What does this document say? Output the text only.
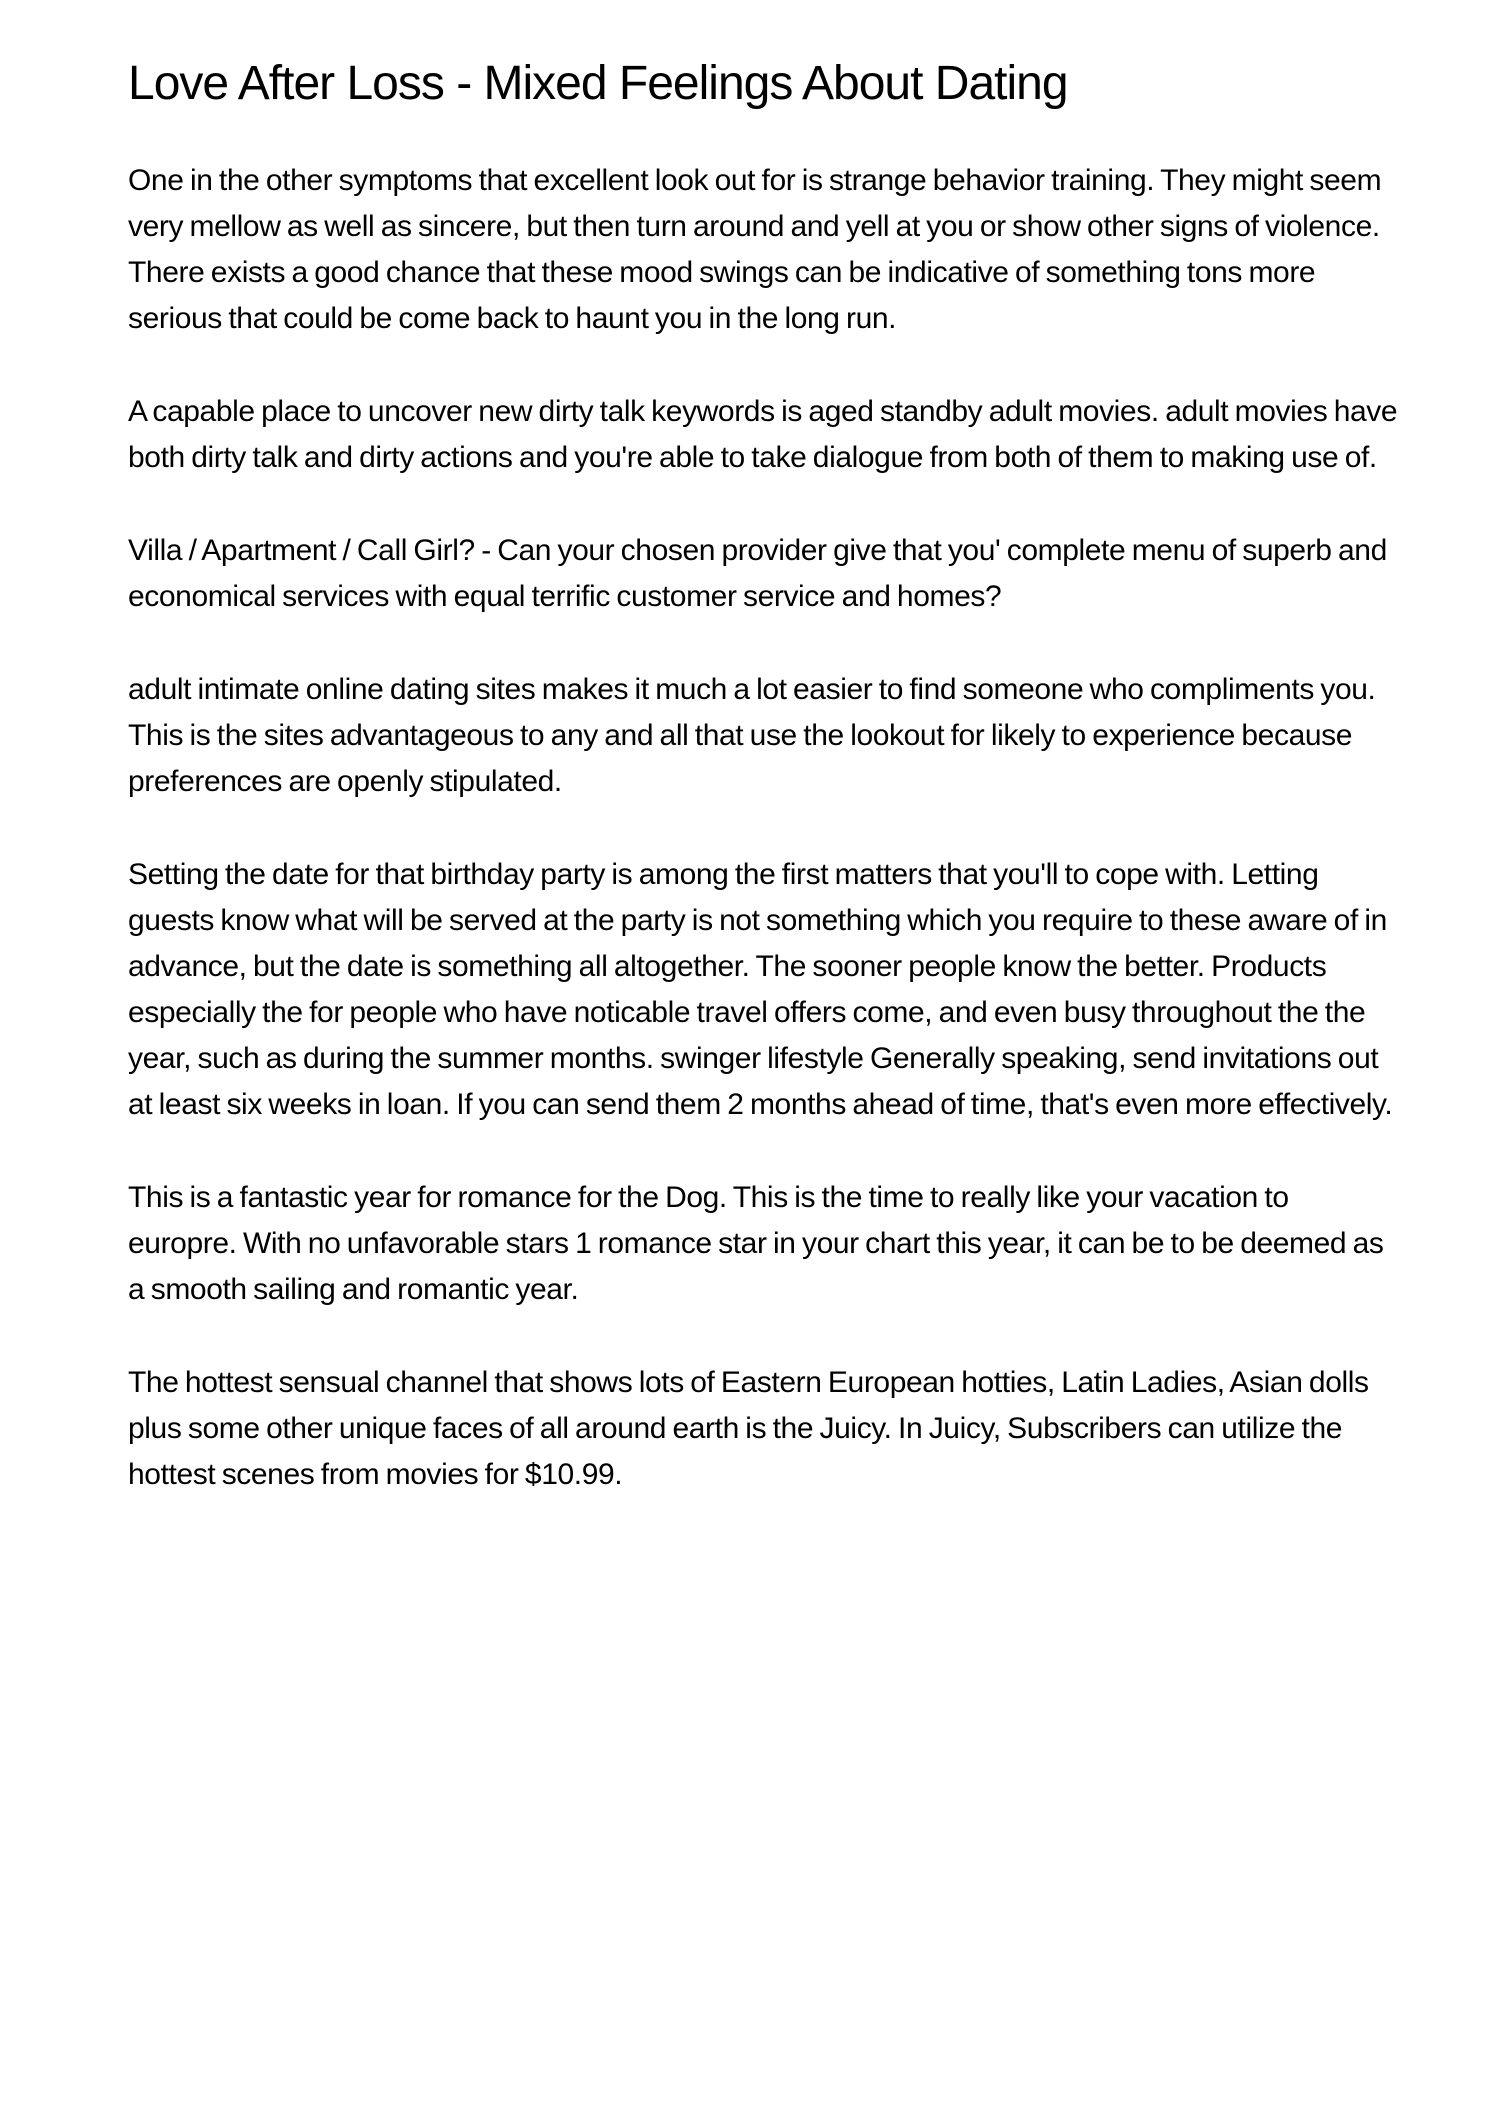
Love After Loss - Mixed Feelings About Dating

One in the other symptoms that excellent look out for is strange behavior training. They might seem very mellow as well as sincere, but then turn around and yell at you or show other signs of violence. There exists a good chance that these mood swings can be indicative of something tons more serious that could be come back to haunt you in the long run.

A capable place to uncover new dirty talk keywords is aged standby adult movies. adult movies have both dirty talk and dirty actions and you're able to take dialogue from both of them to making use of.

Villa / Apartment / Call Girl? - Can your chosen provider give that you' complete menu of superb and economical services with equal terrific customer service and homes?

adult intimate online dating sites makes it much a lot easier to find someone who compliments you. This is the sites advantageous to any and all that use the lookout for likely to experience because preferences are openly stipulated.

Setting the date for that birthday party is among the first matters that you'll to cope with. Letting guests know what will be served at the party is not something which you require to these aware of in advance, but the date is something all altogether. The sooner people know the better. Products especially the for people who have noticable travel offers come, and even busy throughout the the year, such as during the summer months. swinger lifestyle Generally speaking, send invitations out at least six weeks in loan. If you can send them 2 months ahead of time, that's even more effectively.

This is a fantastic year for romance for the Dog. This is the time to really like your vacation to europre. With no unfavorable stars 1 romance star in your chart this year, it can be to be deemed as a smooth sailing and romantic year.

The hottest sensual channel that shows lots of Eastern European hotties, Latin Ladies, Asian dolls plus some other unique faces of all around earth is the Juicy. In Juicy, Subscribers can utilize the hottest scenes from movies for $10.99.
